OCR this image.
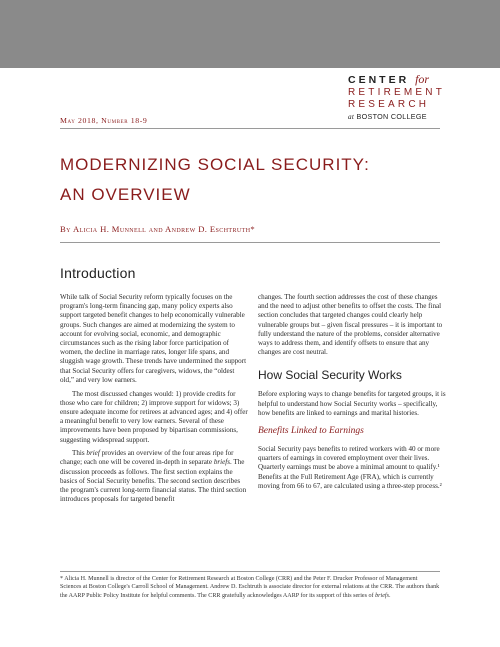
CENTER for
RETIREMENT
RESEARCH
at BOSTON COLLEGE
May 2018, Number 18-9
MODERNIZING SOCIAL SECURITY:
AN OVERVIEW
By Alicia H. Munnell and Andrew D. Eschtruth*
Introduction

While talk of Social Security reform typically focuses on the program's long-term financing gap, many policy experts also support targeted benefit changes to help economically vulnerable groups. Such changes are aimed at modernizing the system to account for evolving social, economic, and demographic circumstances such as the rising labor force participation of women, the decline in marriage rates, longer life spans, and sluggish wage growth. These trends have undermined the support that Social Security offers for caregivers, widows, the “oldest old,” and very low earners.

The most discussed changes would: 1) provide credits for those who care for children; 2) improve support for widows; 3) ensure adequate income for retirees at advanced ages; and 4) offer a meaningful benefit to very low earners. Several of these improvements have been proposed by bipartisan commissions, suggesting widespread support.

This brief provides an overview of the four areas ripe for change; each one will be covered in-depth in separate briefs. The discussion proceeds as follows. The first section explains the basics of Social Security benefits. The second section describes the program's current long-term financial status. The third section introduces proposals for targeted benefit

changes. The fourth section addresses the cost of these changes and the need to adjust other benefits to offset the costs. The final section concludes that targeted changes could clearly help vulnerable groups but – given fiscal pressures – it is important to fully understand the nature of the problems, consider alternative ways to address them, and identify offsets to ensure that any changes are cost neutral.

How Social Security Works

Before exploring ways to change benefits for targeted groups, it is helpful to understand how Social Security works – specifically, how benefits are linked to earnings and marital histories.

Benefits Linked to Earnings

Social Security pays benefits to retired workers with 40 or more quarters of earnings in covered employment over their lives. Quarterly earnings must be above a minimal amount to qualify.¹ Benefits at the Full Retirement Age (FRA), which is currently moving from 66 to 67, are calculated using a three-step process.²

* Alicia H. Munnell is director of the Center for Retirement Research at Boston College (CRR) and the Peter F. Drucker Professor of Management Sciences at Boston College's Carroll School of Management. Andrew D. Eschtruth is associate director for external relations at the CRR. The authors thank the AARP Public Policy Institute for helpful comments. The CRR gratefully acknowledges AARP for its support of this series of briefs.
